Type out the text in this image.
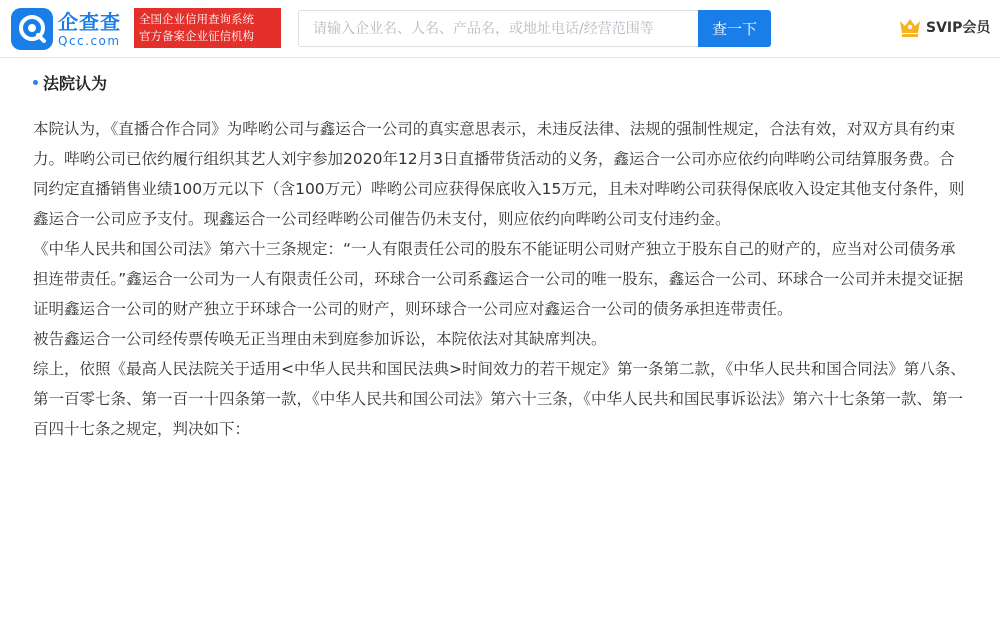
企查查
Qcc.com
全国企业信用查询系统
官方备案企业征信机构
请输入企业名、人名、产品名，或地址电话/经营范围等	查一下	SVIP会员
法院认为

本院认为，《直播合作合同》为哔哟公司与鑫运合一公司的真实意思表示，未违反法律、法规的强制性规定，合法有效，对双方具有约束力。哔哟公司已依约履行组织其艺人刘宇参加2020年12月3日直播带货活动的义务，鑫运合一公司亦应依约向哔哟公司结算服务费。合同约定直播销售业绩100万元以下（含100万元）哔哟公司应获得保底收入15万元，且未对哔哟公司获得保底收入设定其他支付条件，则鑫运合一公司应予支付。现鑫运合一公司经哔哟公司催告仍未支付，则应依约向哔哟公司支付违约金。

《中华人民共和国公司法》第六十三条规定：“一人有限责任公司的股东不能证明公司财产独立于股东自己的财产的，应当对公司债务承担连带责任。”鑫运合一公司为一人有限责任公司，环球合一公司系鑫运合一公司的唯一股东，鑫运合一公司、环球合一公司并未提交证据证明鑫运合一公司的财产独立于环球合一公司的财产，则环球合一公司应对鑫运合一公司的债务承担连带责任。

被告鑫运合一公司经传票传唤无正当理由未到庭参加诉讼，本院依法对其缺席判决。

综上，依照《最高人民法院关于适用<中华人民共和国民法典>时间效力的若干规定》第一条第二款，《中华人民共和国合同法》第八条、第一百零七条、第一百一十四条第一款，《中华人民共和国公司法》第六十三条，《中华人民共和国民事诉讼法》第六十七条第一款、第一百四十七条之规定，判决如下：
